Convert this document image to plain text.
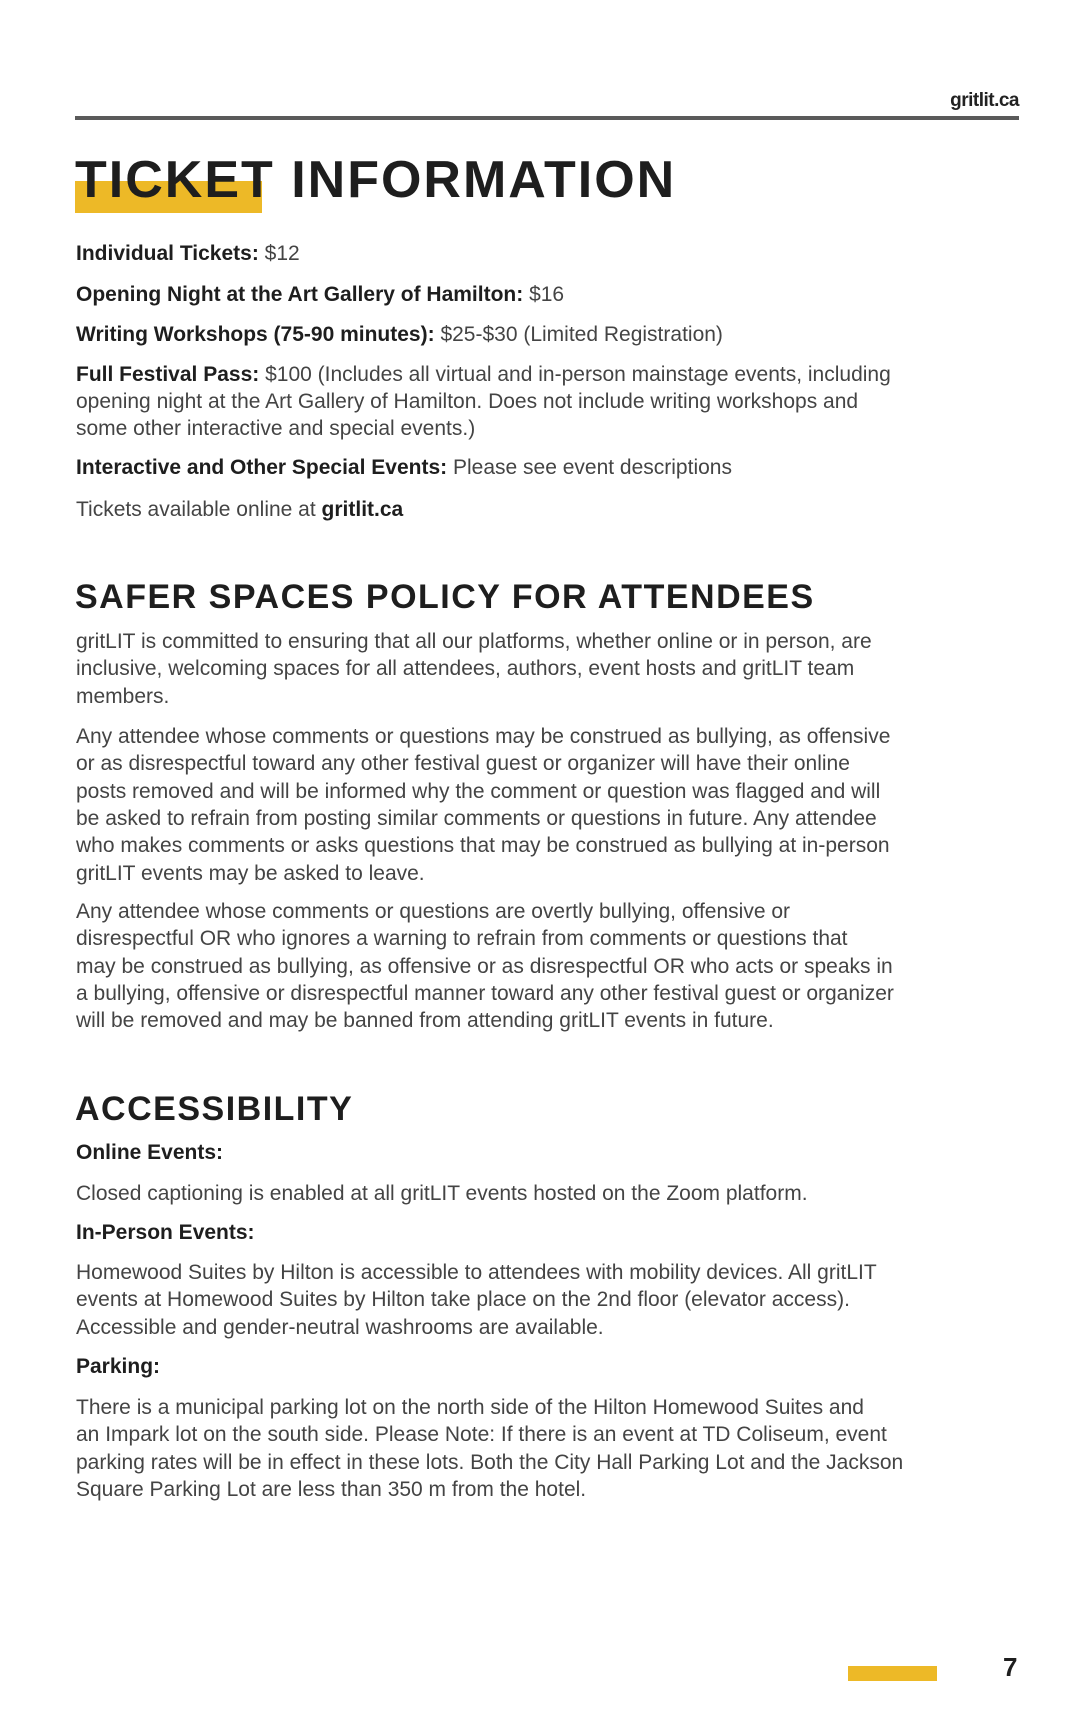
gritlit.ca
TICKET INFORMATION
Individual Tickets: $12
Opening Night at the Art Gallery of Hamilton: $16
Writing Workshops (75-90 minutes): $25-$30 (Limited Registration)
Full Festival Pass: $100 (Includes all virtual and in-person mainstage events, including
opening night at the Art Gallery of Hamilton. Does not include writing workshops and
some other interactive and special events.)
Interactive and Other Special Events: Please see event descriptions
Tickets available online at gritlit.ca
SAFER SPACES POLICY FOR ATTENDEES
gritLIT is committed to ensuring that all our platforms, whether online or in person, are
inclusive, welcoming spaces for all attendees, authors, event hosts and gritLIT team
members.
Any attendee whose comments or questions may be construed as bullying, as offensive
or as disrespectful toward any other festival guest or organizer will have their online
posts removed and will be informed why the comment or question was flagged and will
be asked to refrain from posting similar comments or questions in future. Any attendee
who makes comments or asks questions that may be construed as bullying at in-person
gritLIT events may be asked to leave.
Any attendee whose comments or questions are overtly bullying, offensive or
disrespectful OR who ignores a warning to refrain from comments or questions that
may be construed as bullying, as offensive or as disrespectful OR who acts or speaks in
a bullying, offensive or disrespectful manner toward any other festival guest or organizer
will be removed and may be banned from attending gritLIT events in future.
ACCESSIBILITY
Online Events:
In-Person Events:
Parking:
Closed captioning is enabled at all gritLIT events hosted on the Zoom platform.
Homewood Suites by Hilton is accessible to attendees with mobility devices. All gritLIT
events at Homewood Suites by Hilton take place on the 2nd floor (elevator access).
Accessible and gender-neutral washrooms are available.
There is a municipal parking lot on the north side of the Hilton Homewood Suites and
an Impark lot on the south side. Please Note: If there is an event at TD Coliseum, event
parking rates will be in effect in these lots. Both the City Hall Parking Lot and the Jackson
Square Parking Lot are less than 350 m from the hotel.
7
